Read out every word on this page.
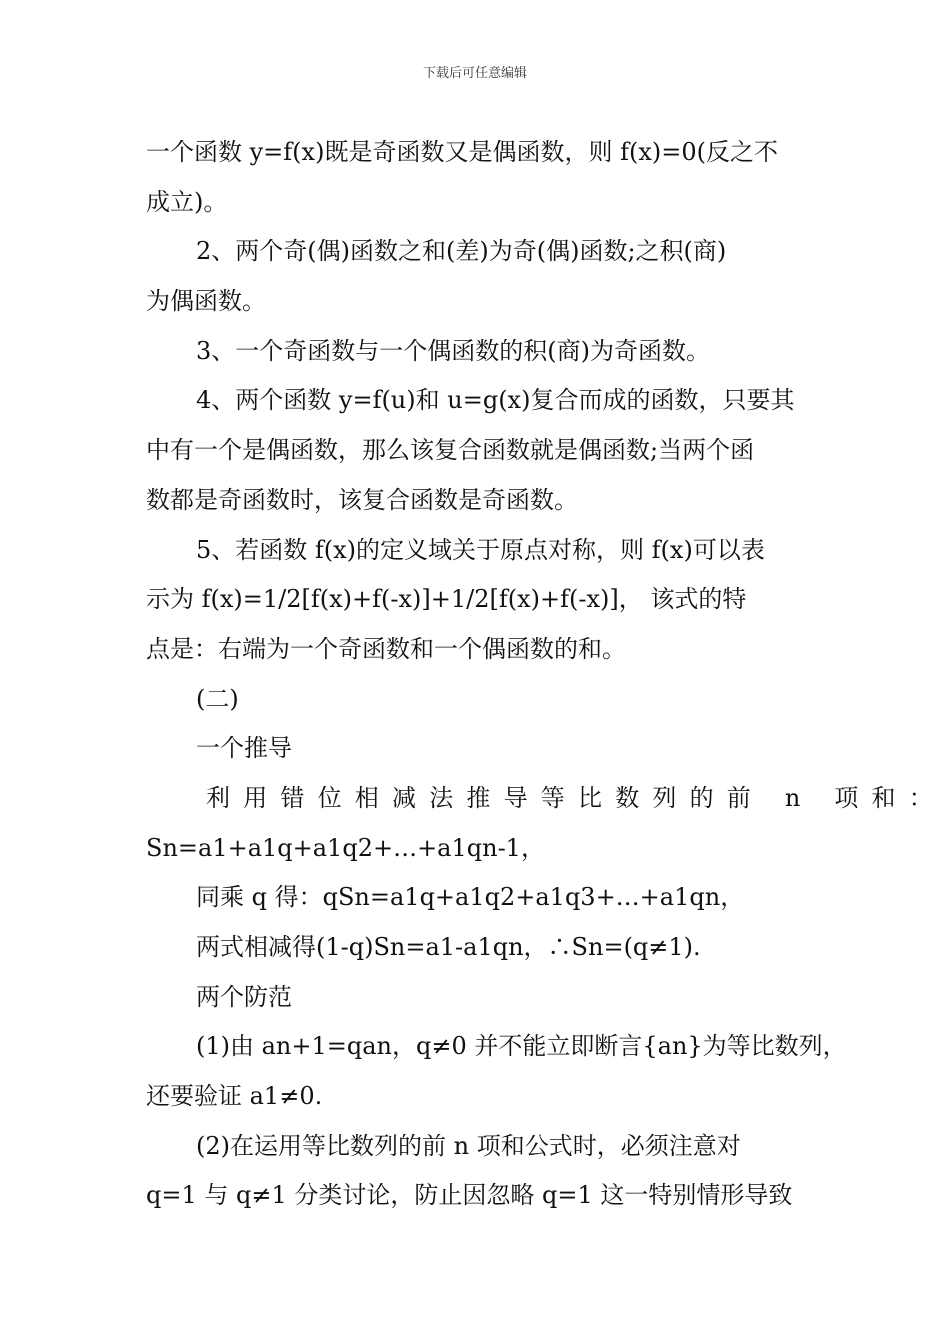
下载后可任意编辑
一个函数 y=f(x)既是奇函数又是偶函数，则 f(x)=0(反之不
成立)。
2、两个奇(偶)函数之和(差)为奇(偶)函数;之积(商)
为偶函数。
3、一个奇函数与一个偶函数的积(商)为奇函数。
4、两个函数 y=f(u)和 u=g(x)复合而成的函数，只要其
中有一个是偶函数，那么该复合函数就是偶函数;当两个函
数都是奇函数时，该复合函数是奇函数。
5、若函数 f(x)的定义域关于原点对称，则 f(x)可以表
示为 f(x)=1/2[f(x)+f(-x)]+1/2[f(x)+f(-x)]， 该式的特
点是：右端为一个奇函数和一个偶函数的和。
(二)
一个推导
利用错位相减法推导等比数列的前 n 项和：
Sn=a1+a1q+a1q2+…+a1qn-1，
同乘 q 得：qSn=a1q+a1q2+a1q3+…+a1qn，
两式相减得(1-q)Sn=a1-a1qn，∴Sn=(q≠1).
两个防范
(1)由 an+1=qan，q≠0 并不能立即断言{an}为等比数列，
还要验证 a1≠0.
(2)在运用等比数列的前 n 项和公式时，必须注意对
q=1 与 q≠1 分类讨论，防止因忽略 q=1 这一特别情形导致
